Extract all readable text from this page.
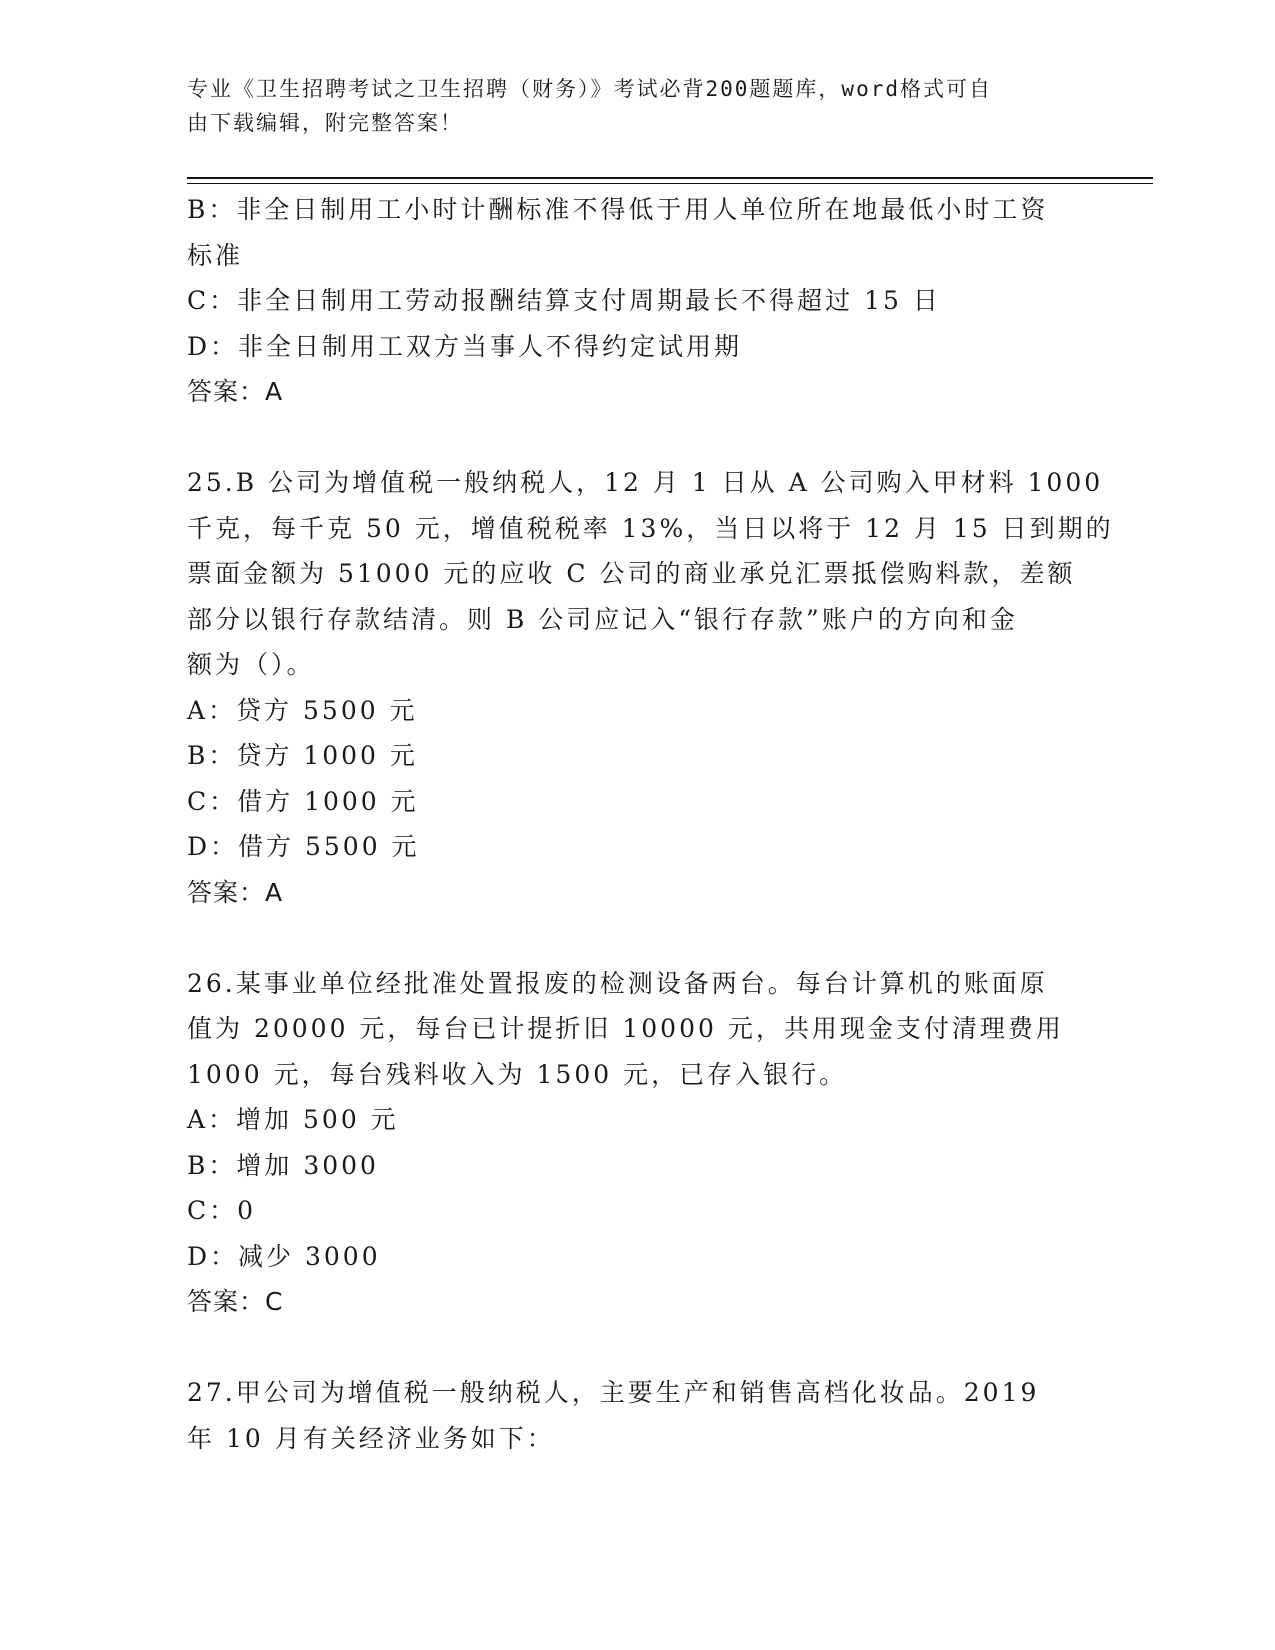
专业《卫生招聘考试之卫生招聘（财务）》考试必背200题题库，word格式可自
由下载编辑，附完整答案！
B：非全日制用工小时计酬标准不得低于用人单位所在地最低小时工资
标准
C：非全日制用工劳动报酬结算支付周期最长不得超过 15 日
D：非全日制用工双方当事人不得约定试用期
答案：A
25.B 公司为增值税一般纳税人，12 月 1 日从 A 公司购入甲材料 1000
千克，每千克 50 元，增值税税率 13%，当日以将于 12 月 15 日到期的
票面金额为 51000 元的应收 C 公司的商业承兑汇票抵偿购料款，差额
部分以银行存款结清。则 B 公司应记入“银行存款”账户的方向和金
额为（）。
A：贷方 5500 元
B：贷方 1000 元
C：借方 1000 元
D：借方 5500 元
答案：A
26.某事业单位经批准处置报废的检测设备两台。每台计算机的账面原
值为 20000 元，每台已计提折旧 10000 元，共用现金支付清理费用
1000 元，每台残料收入为 1500 元，已存入银行。
A：增加 500 元
B：增加 3000
C：0
D：减少 3000
答案：C
27.甲公司为增值税一般纳税人，主要生产和销售高档化妆品。2019
年 10 月有关经济业务如下：
